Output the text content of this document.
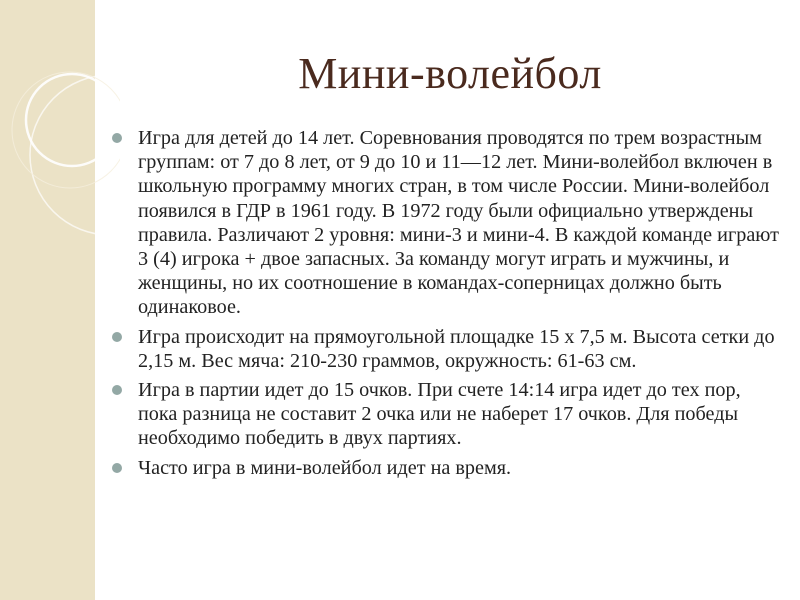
Мини-волейбол
Игра для детей до 14 лет. Соревнования проводятся по трем возрастным группам: от 7 до 8 лет, от 9 до 10 и 11—12 лет. Мини-волейбол включен в школьную программу многих стран, в том числе России. Мини-волейбол появился в ГДР в 1961 году. В 1972 году были официально утверждены правила. Различают 2 уровня: мини-3 и мини-4. В каждой команде играют 3 (4) игрока + двое запасных. За команду могут играть и мужчины, и женщины, но их соотношение в командах-соперницах должно быть одинаковое.
Игра происходит на прямоугольной площадке 15 х 7,5 м. Высота сетки до 2,15 м. Вес мяча: 210-230 граммов, окружность: 61-63 см.
Игра в партии идет до 15 очков. При счете 14:14 игра идет до тех пор, пока разница не составит 2 очка или не наберет 17 очков. Для победы необходимо победить в двух партиях.
Часто игра в мини-волейбол идет на время.
